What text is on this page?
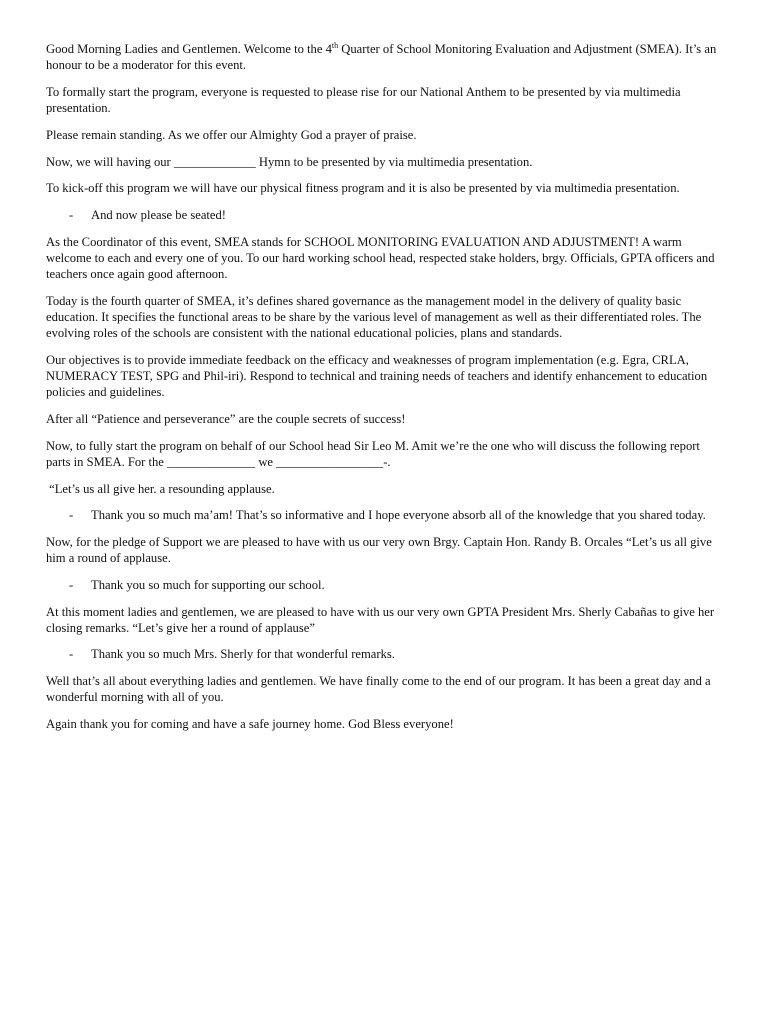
Good Morning Ladies and Gentlemen. Welcome to the 4th Quarter of School Monitoring Evaluation and Adjustment (SMEA). It’s an honour to be a moderator for this event.

To formally start the program, everyone is requested to please rise for our National Anthem to be presented by via multimedia presentation.

Please remain standing. As we offer our Almighty God a prayer of praise.

Now, we will having our _____________ Hymn to be presented by via multimedia presentation.

To kick-off this program we will have our physical fitness program and it is also be presented by via multimedia presentation.

-	And now please be seated!

As the Coordinator of this event, SMEA stands for SCHOOL MONITORING EVALUATION AND ADJUSTMENT! A warm welcome to each and every one of you. To our hard working school head, respected stake holders, brgy. Officials, GPTA officers and teachers once again good afternoon.

Today is the fourth quarter of SMEA, it’s defines shared governance as the management model in the delivery of quality basic education. It specifies the functional areas to be share by the various level of management as well as their differentiated roles. The evolving roles of the schools are consistent with the national educational policies, plans and standards.

Our objectives is to provide immediate feedback on the efficacy and weaknesses of program implementation (e.g. Egra, CRLA, NUMERACY TEST, SPG and Phil-iri). Respond to technical and training needs of teachers and identify enhancement to education policies and guidelines.

After all “Patience and perseverance” are the couple secrets of success!

Now, to fully start the program on behalf of our School head Sir Leo M. Amit we’re the one who will discuss the following report parts in SMEA. For the ______________ we _________________-.

“Let’s us all give her. a resounding applause.

-	Thank you so much ma’am! That’s so informative and I hope everyone absorb all of the knowledge that you shared today.

Now, for the pledge of Support we are pleased to have with us our very own Brgy. Captain Hon. Randy B. Orcales “Let’s us all give him a round of applause.

-	Thank you so much for supporting our school.

At this moment ladies and gentlemen, we are pleased to have with us our very own GPTA President Mrs. Sherly Cabañas to give her closing remarks. “Let’s give her a round of applause”

-	Thank you so much Mrs. Sherly for that wonderful remarks.

Well that’s all about everything ladies and gentlemen. We have finally come to the end of our program. It has been a great day and a wonderful morning with all of you.

Again thank you for coming and have a safe journey home. God Bless everyone!
